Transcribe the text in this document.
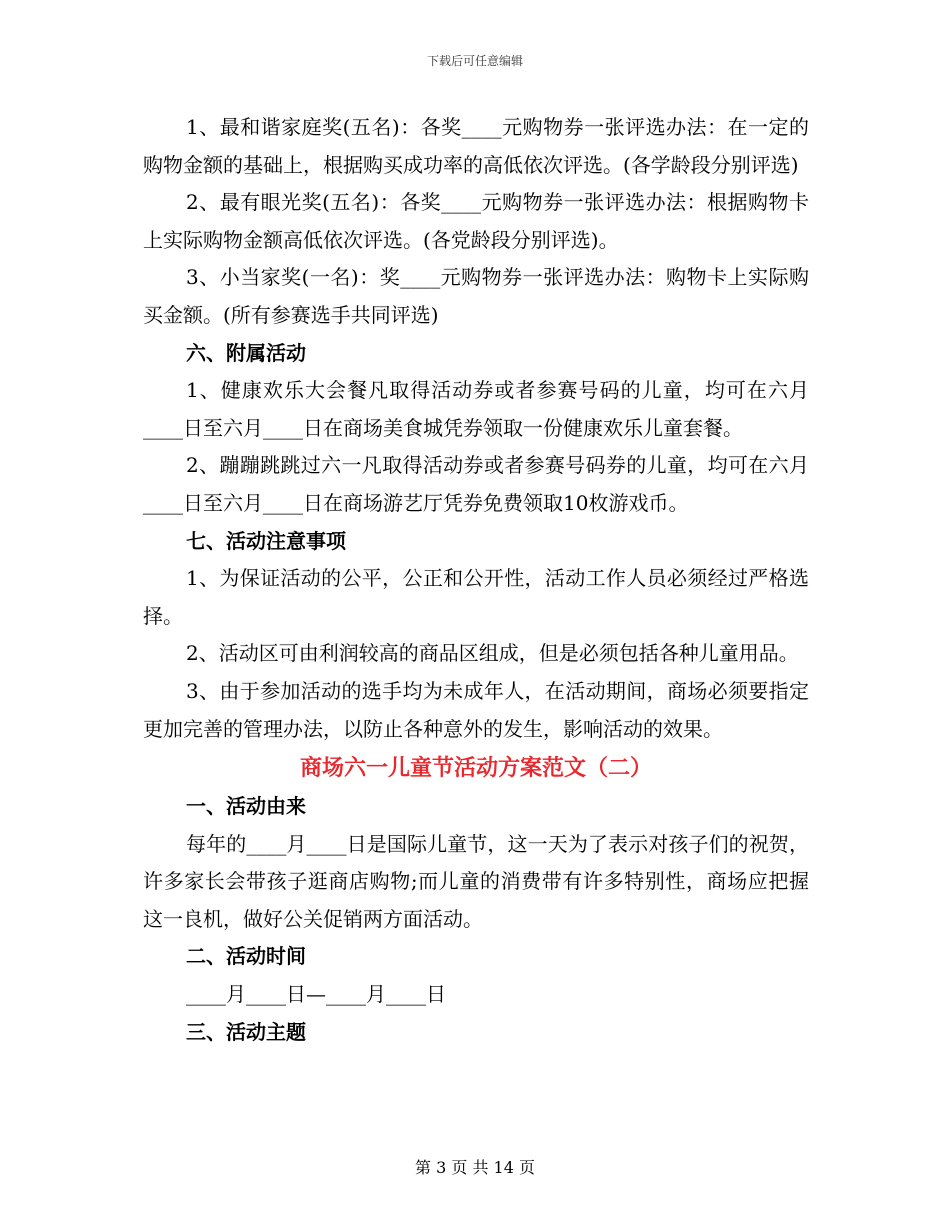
下载后可任意编辑

1、最和谐家庭奖(五名)：各奖____元购物券一张评选办法：在一定的购物金额的基础上，根据购买成功率的高低依次评选。(各学龄段分别评选)

2、最有眼光奖(五名)：各奖____元购物券一张评选办法：根据购物卡上实际购物金额高低依次评选。(各党龄段分别评选)。

3、小当家奖(一名)：奖____元购物券一张评选办法：购物卡上实际购买金额。(所有参赛选手共同评选)

六、附属活动

1、健康欢乐大会餐凡取得活动券或者参赛号码的儿童，均可在六月____日至六月____日在商场美食城凭券领取一份健康欢乐儿童套餐。

2、蹦蹦跳跳过六一凡取得活动券或者参赛号码券的儿童，均可在六月____日至六月____日在商场游艺厅凭券免费领取10枚游戏币。

七、活动注意事项

1、为保证活动的公平，公正和公开性，活动工作人员必须经过严格选择。

2、活动区可由利润较高的商品区组成，但是必须包括各种儿童用品。

3、由于参加活动的选手均为未成年人，在活动期间，商场必须要指定更加完善的管理办法，以防止各种意外的发生，影响活动的效果。

商场六一儿童节活动方案范文（二）

一、活动由来

每年的____月____日是国际儿童节，这一天为了表示对孩子们的祝贺，许多家长会带孩子逛商店购物;而儿童的消费带有许多特别性，商场应把握这一良机，做好公关促销两方面活动。

二、活动时间

____月____日—____月____日

三、活动主题

第 3 页 共 14 页
